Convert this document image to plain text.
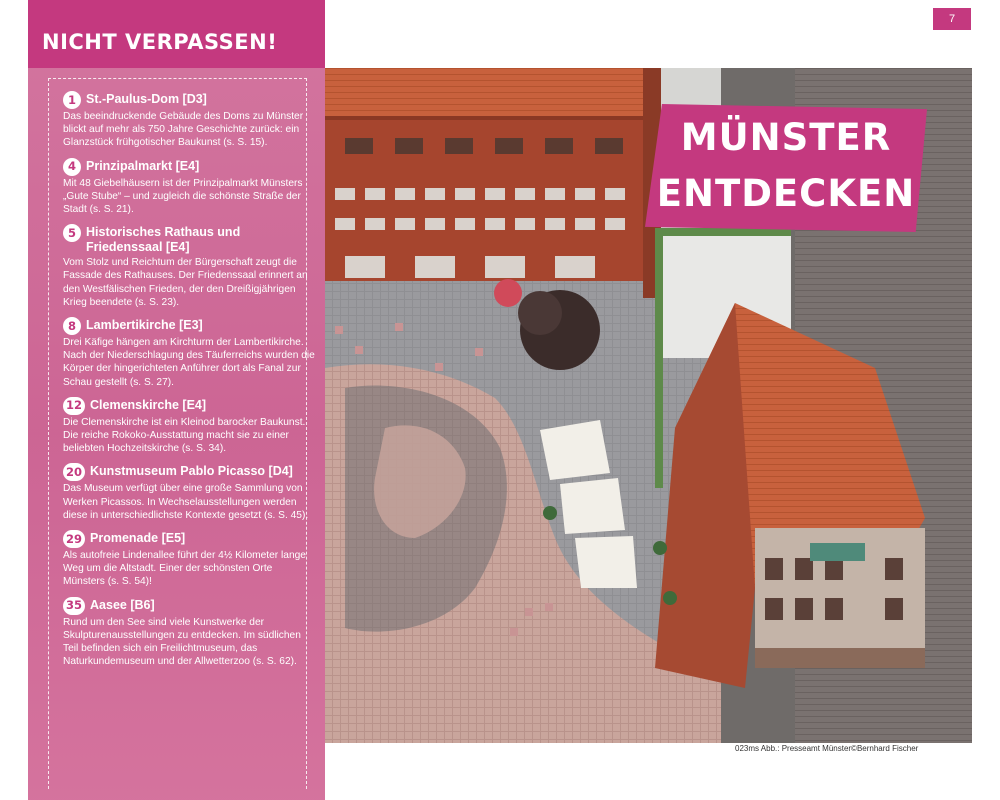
NICHT VERPASSEN!
1 St.-Paulus-Dom [D3]
Das beeindruckende Gebäude des Doms zu Münster blickt auf mehr als 750 Jahre Geschichte zurück: ein Glanzstück frühgotischer Baukunst (s. S. 15).
4 Prinzipalmarkt [E4]
Mit 48 Giebelhäusern ist der Prinzipalmarkt Münsters „Gute Stube“ – und zugleich die schönste Straße der Stadt (s. S. 21).
5 Historisches Rathaus und Friedenssaal [E4]
Vom Stolz und Reichtum der Bürgerschaft zeugt die Fassade des Rathauses. Der Friedenssaal erinnert an den Westfälischen Frieden, der den Dreißigjährigen Krieg beendete (s. S. 23).
8 Lambertikirche [E3]
Drei Käfige hängen am Kirchturm der Lambertikirche. Nach der Niederschlagung des Täuferreichs wurden die Körper der hingerichteten Anführer dort als Fanal zur Schau gestellt (s. S. 27).
12 Clemenskirche [E4]
Die Clemenskirche ist ein Kleinod barocker Baukunst. Die reiche Rokoko-Ausstattung macht sie zu einer beliebten Hochzeitskirche (s. S. 34).
20 Kunstmuseum Pablo Picasso [D4]
Das Museum verfügt über eine große Sammlung von Werken Picassos. In Wechselausstellungen werden diese in unterschiedlichste Kontexte gesetzt (s. S. 45).
29 Promenade [E5]
Als autofreie Lindenallee führt der 4½ Kilometer lange Weg um die Altstadt. Einer der schönsten Orte Münsters (s. S. 54)!
35 Aasee [B6]
Rund um den See sind viele Kunstwerke der Skulpturenausstellungen zu entdecken. Im südlichen Teil befinden sich ein Freilichtmuseum, das Naturkundemuseum und der Allwetterzoo (s. S. 62).
7
MÜNSTER
ENTDECKEN
023ms Abb.: Presseamt Münster©Bernhard Fischer
